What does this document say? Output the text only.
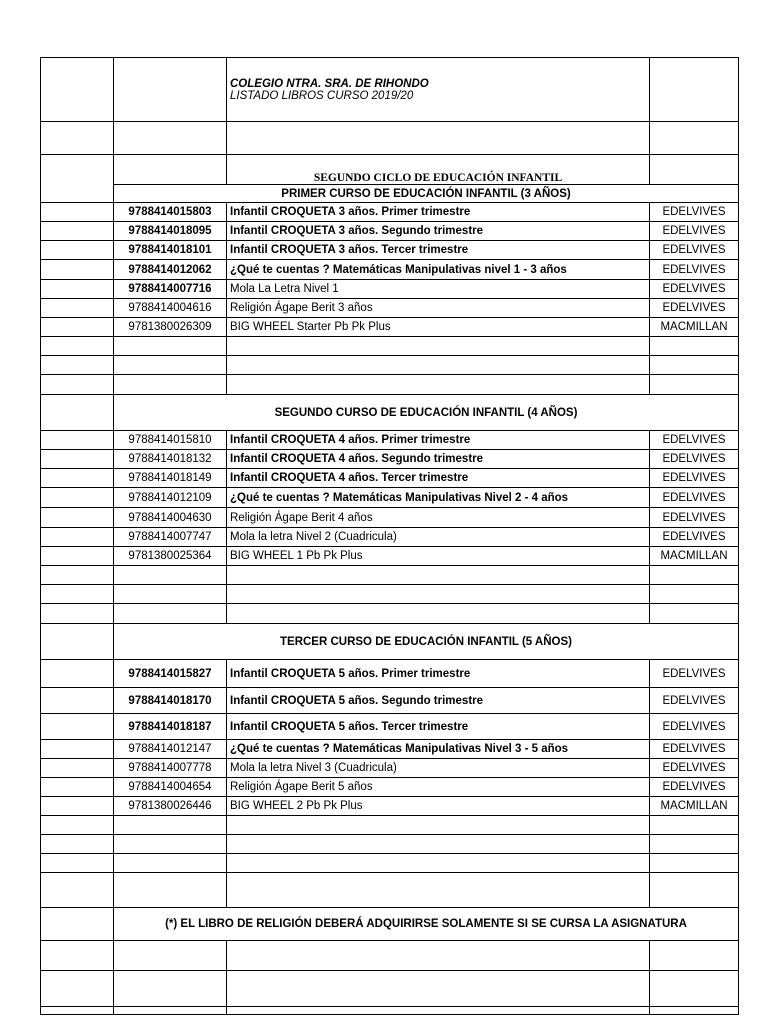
		COLEGIO NTRA. SRA. DE RIHONDO	
		LISTADO LIBROS CURSO 2019/20	

		SEGUNDO CICLO DE EDUCACIÓN INFANTIL	
	PRIMER CURSO DE EDUCACIÓN INFANTIL (3 AÑOS)		
	9788414015803	Infantil CROQUETA 3 años. Primer trimestre	EDELVIVES
	9788414018095	Infantil CROQUETA 3 años. Segundo trimestre	EDELVIVES
	9788414018101	Infantil CROQUETA 3 años. Tercer trimestre	EDELVIVES
	9788414012062	¿Qué te cuentas ? Matemáticas Manipulativas nivel 1 - 3 años	EDELVIVES
	9788414007716	Mola La Letra Nivel 1	EDELVIVES
	9788414004616	Religión Ágape Berit 3 años	EDELVIVES
	9781380026309	BIG WHEEL Starter Pb Pk Plus	MACMILLAN

	SEGUNDO CURSO DE EDUCACIÓN INFANTIL (4 AÑOS)		
	9788414015810	Infantil CROQUETA 4 años. Primer trimestre	EDELVIVES
	9788414018132	Infantil CROQUETA 4 años. Segundo trimestre	EDELVIVES
	9788414018149	Infantil CROQUETA 4 años. Tercer trimestre	EDELVIVES
	9788414012109	¿Qué te cuentas ? Matemáticas Manipulativas Nivel 2 - 4 años	EDELVIVES
	9788414004630	Religión Ágape Berit 4 años	EDELVIVES
	9788414007747	Mola la letra Nivel 2 (Cuadricula)	EDELVIVES
	9781380025364	BIG WHEEL 1 Pb Pk Plus	MACMILLAN

	TERCER CURSO DE EDUCACIÓN INFANTIL (5 AÑOS)		
	9788414015827	Infantil CROQUETA 5 años. Primer trimestre	EDELVIVES
	9788414018170	Infantil CROQUETA 5 años. Segundo trimestre	EDELVIVES
	9788414018187	Infantil CROQUETA 5 años. Tercer trimestre	EDELVIVES
	9788414012147	¿Qué te cuentas ? Matemáticas Manipulativas Nivel 3 - 5 años	EDELVIVES
	9788414007778	Mola la letra Nivel 3 (Cuadricula)	EDELVIVES
	9788414004654	Religión Ágape Berit 5 años	EDELVIVES
	9781380026446	BIG WHEEL 2 Pb Pk Plus	MACMILLAN

	(*) EL LIBRO DE RELIGIÓN DEBERÁ ADQUIRIRSE SOLAMENTE SI SE CURSA LA ASIGNATURA		
